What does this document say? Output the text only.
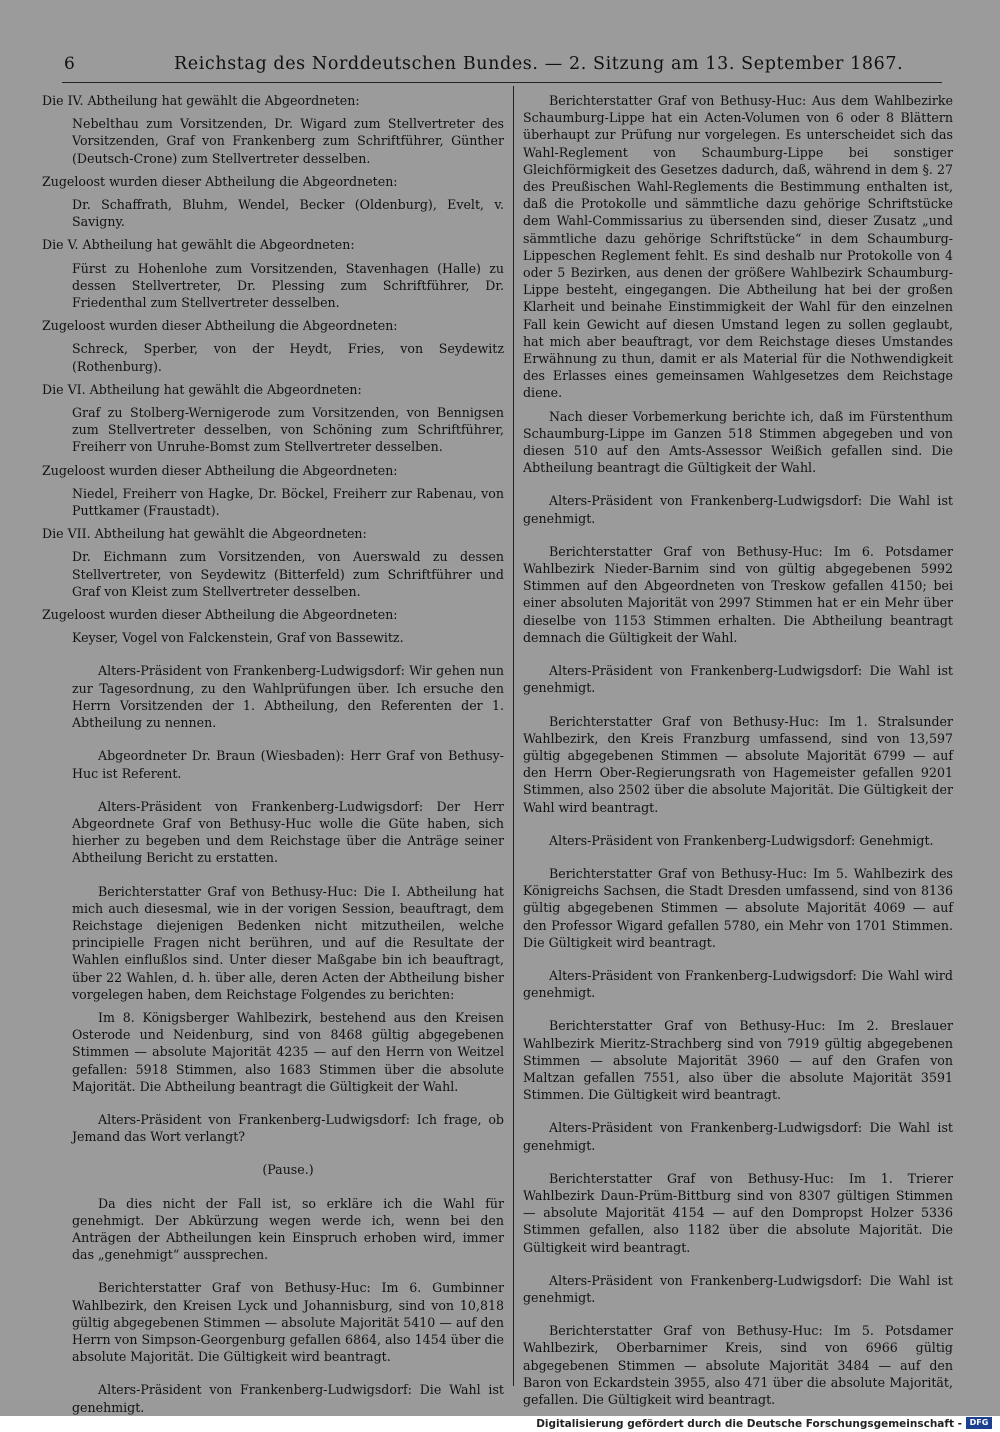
6	Reichstag des Norddeutschen Bundes. — 2. Sitzung am 13. September 1867.

Die IV. Abtheilung hat gewählt die Abgeordneten:

Nebelthau zum Vorsitzenden, Dr. Wigard zum Stellvertreter des Vorsitzenden, Graf von Frankenberg zum Schriftführer, Günther (Deutsch-Crone) zum Stellvertreter desselben.

Zugeloost wurden dieser Abtheilung die Abgeordneten:

Dr. Schaffrath, Bluhm, Wendel, Becker (Oldenburg), Evelt, v. Savigny.

Die V. Abtheilung hat gewählt die Abgeordneten:

Fürst zu Hohenlohe zum Vorsitzenden, Stavenhagen (Halle) zu dessen Stellvertreter, Dr. Plessing zum Schriftführer, Dr. Friedenthal zum Stellvertreter desselben.

Zugeloost wurden dieser Abtheilung die Abgeordneten:

Schreck, Sperber, von der Heydt, Fries, von Seydewitz (Rothenburg).

Die VI. Abtheilung hat gewählt die Abgeordneten:

Graf zu Stolberg-Wernigerode zum Vorsitzenden, von Bennigsen zum Stellvertreter desselben, von Schöning zum Schriftführer, Freiherr von Unruhe-Bomst zum Stellvertreter desselben.

Zugeloost wurden dieser Abtheilung die Abgeordneten:

Niedel, Freiherr von Hagke, Dr. Böckel, Freiherr zur Rabenau, von Puttkamer (Fraustadt).

Die VII. Abtheilung hat gewählt die Abgeordneten:

Dr. Eichmann zum Vorsitzenden, von Auerswald zu dessen Stellvertreter, von Seydewitz (Bitterfeld) zum Schriftführer und Graf von Kleist zum Stellvertreter desselben.

Zugeloost wurden dieser Abtheilung die Abgeordneten:

Keyser, Vogel von Falckenstein, Graf von Bassewitz.

Alters-Präsident von Frankenberg-Ludwigsdorf: Wir gehen nun zur Tagesordnung, zu den Wahlprüfungen über. Ich ersuche den Herrn Vorsitzenden der 1. Abtheilung, den Referenten der 1. Abtheilung zu nennen.

Abgeordneter Dr. Braun (Wiesbaden): Herr Graf von Bethusy-Huc ist Referent.

Alters-Präsident von Frankenberg-Ludwigsdorf: Der Herr Abgeordnete Graf von Bethusy-Huc wolle die Güte haben, sich hierher zu begeben und dem Reichstage über die Anträge seiner Abtheilung Bericht zu erstatten.

Berichterstatter Graf von Bethusy-Huc: Die I. Abtheilung hat mich auch diesesmal, wie in der vorigen Session, beauftragt, dem Reichstage diejenigen Bedenken nicht mitzutheilen, welche principielle Fragen nicht berühren, und auf die Resultate der Wahlen einflußlos sind. Unter dieser Maßgabe bin ich beauftragt, über 22 Wahlen, d. h. über alle, deren Acten der Abtheilung bisher vorgelegen haben, dem Reichstage Folgendes zu berichten:

Im 8. Königsberger Wahlbezirk, bestehend aus den Kreisen Osterode und Neidenburg, sind von 8468 gültig abgegebenen Stimmen — absolute Majorität 4235 — auf den Herrn von Weitzel gefallen: 5918 Stimmen, also 1683 Stimmen über die absolute Majorität. Die Abtheilung beantragt die Gültigkeit der Wahl.

Alters-Präsident von Frankenberg-Ludwigsdorf: Ich frage, ob Jemand das Wort verlangt?

(Pause.)

Da dies nicht der Fall ist, so erkläre ich die Wahl für genehmigt. Der Abkürzung wegen werde ich, wenn bei den Anträgen der Abtheilungen kein Einspruch erhoben wird, immer das „genehmigt“ aussprechen.

Berichterstatter Graf von Bethusy-Huc: Im 6. Gumbinner Wahlbezirk, den Kreisen Lyck und Johannisburg, sind von 10,818 gültig abgegebenen Stimmen — absolute Majorität 5410 — auf den Herrn von Simpson-Georgenburg gefallen 6864, also 1454 über die absolute Majorität. Die Gültigkeit wird beantragt.

Alters-Präsident von Frankenberg-Ludwigsdorf: Die Wahl ist genehmigt.

Berichterstatter Graf von Bethusy-Huc: Aus dem Wahlbezirke Schaumburg-Lippe hat ein Acten-Volumen von 6 oder 8 Blättern überhaupt zur Prüfung nur vorgelegen. Es unterscheidet sich das Wahl-Reglement von Schaumburg-Lippe bei sonstiger Gleichförmigkeit des Gesetzes dadurch, daß, während in dem §. 27 des Preußischen Wahl-Reglements die Bestimmung enthalten ist, daß die Protokolle und sämmtliche dazu gehörige Schriftstücke dem Wahl-Commissarius zu übersenden sind, dieser Zusatz „und sämmtliche dazu gehörige Schriftstücke“ in dem Schaumburg-Lippeschen Reglement fehlt. Es sind deshalb nur Protokolle von 4 oder 5 Bezirken, aus denen der größere Wahlbezirk Schaumburg-Lippe besteht, eingegangen. Die Abtheilung hat bei der großen Klarheit und beinahe Einstimmigkeit der Wahl für den einzelnen Fall kein Gewicht auf diesen Umstand legen zu sollen geglaubt, hat mich aber beauftragt, vor dem Reichstage dieses Umstandes Erwähnung zu thun, damit er als Material für die Nothwendigkeit des Erlasses eines gemeinsamen Wahlgesetzes dem Reichstage diene.

Nach dieser Vorbemerkung berichte ich, daß im Fürstenthum Schaumburg-Lippe im Ganzen 518 Stimmen abgegeben und von diesen 510 auf den Amts-Assessor Weißich gefallen sind. Die Abtheilung beantragt die Gültigkeit der Wahl.

Alters-Präsident von Frankenberg-Ludwigsdorf: Die Wahl ist genehmigt.

Berichterstatter Graf von Bethusy-Huc: Im 6. Potsdamer Wahlbezirk Nieder-Barnim sind von gültig abgegebenen 5992 Stimmen auf den Abgeordneten von Treskow gefallen 4150; bei einer absoluten Majorität von 2997 Stimmen hat er ein Mehr über dieselbe von 1153 Stimmen erhalten. Die Abtheilung beantragt demnach die Gültigkeit der Wahl.

Alters-Präsident von Frankenberg-Ludwigsdorf: Die Wahl ist genehmigt.

Berichterstatter Graf von Bethusy-Huc: Im 1. Stralsunder Wahlbezirk, den Kreis Franzburg umfassend, sind von 13,597 gültig abgegebenen Stimmen — absolute Majorität 6799 — auf den Herrn Ober-Regierungsrath von Hagemeister gefallen 9201 Stimmen, also 2502 über die absolute Majorität. Die Gültigkeit der Wahl wird beantragt.

Alters-Präsident von Frankenberg-Ludwigsdorf: Genehmigt.

Berichterstatter Graf von Bethusy-Huc: Im 5. Wahlbezirk des Königreichs Sachsen, die Stadt Dresden umfassend, sind von 8136 gültig abgegebenen Stimmen — absolute Majorität 4069 — auf den Professor Wigard gefallen 5780, ein Mehr von 1701 Stimmen. Die Gültigkeit wird beantragt.

Alters-Präsident von Frankenberg-Ludwigsdorf: Die Wahl wird genehmigt.

Berichterstatter Graf von Bethusy-Huc: Im 2. Breslauer Wahlbezirk Mieritz-Strachberg sind von 7919 gültig abgegebenen Stimmen — absolute Majorität 3960 — auf den Grafen von Maltzan gefallen 7551, also über die absolute Majorität 3591 Stimmen. Die Gültigkeit wird beantragt.

Alters-Präsident von Frankenberg-Ludwigsdorf: Die Wahl ist genehmigt.

Berichterstatter Graf von Bethusy-Huc: Im 1. Trierer Wahlbezirk Daun-Prüm-Bittburg sind von 8307 gültigen Stimmen — absolute Majorität 4154 — auf den Dompropst Holzer 5336 Stimmen gefallen, also 1182 über die absolute Majorität. Die Gültigkeit wird beantragt.

Alters-Präsident von Frankenberg-Ludwigsdorf: Die Wahl ist genehmigt.

Berichterstatter Graf von Bethusy-Huc: Im 5. Potsdamer Wahlbezirk, Oberbarnimer Kreis, sind von 6966 gültig abgegebenen Stimmen — absolute Majorität 3484 — auf den Baron von Eckardstein 3955, also 471 über die absolute Majorität, gefallen. Die Gültigkeit wird beantragt.

Digitalisierung gefördert durch die Deutsche Forschungsgemeinschaft - DFG
